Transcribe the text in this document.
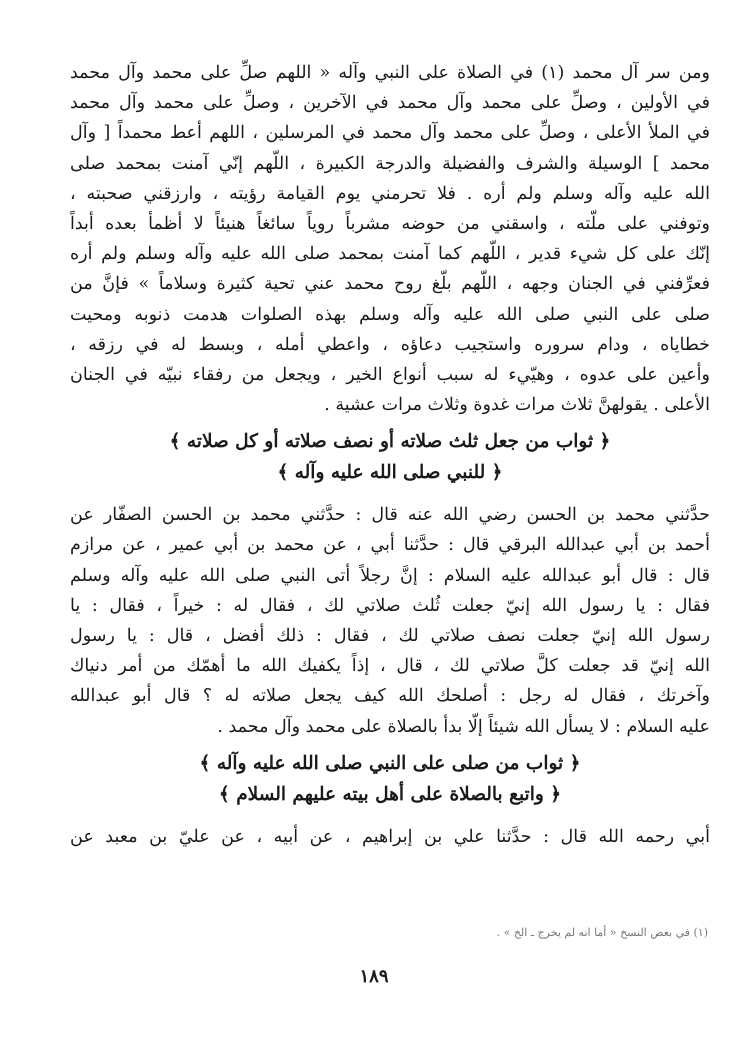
ومن سر آل محمد (١) في الصلاة على النبي وآله « اللهم صلِّ على محمد وآل محمد
في الأولين ، وصلِّ على محمد وآل محمد في الآخرين ، وصلِّ على محمد وآل محمد
في الملأ الأعلى ، وصلِّ على محمد وآل محمد في المرسلين ، اللهم أعط محمداً [ وآل
محمد ] الوسيلة والشرف والفضيلة والدرجة الكبيرة ، اللّهم إنّي آمنت بمحمد صلى
الله عليه وآله وسلم ولم أره . فلا تحرمني يوم القيامة رؤيته ، وارزقني صحبته ،
وتوفني على ملّته ، واسقني من حوضه مشرباً روياً سائغاً هنيئاً لا أظمأ بعده أبداً
إنّك على كل شيء قدير ، اللّهم كما آمنت بمحمد صلى الله عليه وآله وسلم ولم أره
فعرِّفني في الجنان وجهه ، اللّهم بلّغ روح محمد عني تحية كثيرة وسلاماً » فإنَّ من
صلى على النبي صلى الله عليه وآله وسلم بهذه الصلوات هدمت ذنوبه ومحيت
خطاياه ، ودام سروره واستجيب دعاؤه ، واعطي أمله ، وبسط له في رزقه ،
وأعين على عدوه ، وهيّيء له سبب أنواع الخير ، ويجعل من رفقاء نبيّه في الجنان
الأعلى . يقولهنَّ ثلاث مرات غدوة وثلاث مرات عشية .
﴿ ثواب من جعل ثلث صلاته أو نصف صلاته أو كل صلاته ﴾
﴿ للنبي صلى الله عليه وآله ﴾
حدَّثني محمد بن الحسن رضي الله عنه قال : حدَّثني محمد بن الحسن الصفّار عن
أحمد بن أبي عبدالله البرقي قال : حدَّثنا أبي ، عن محمد بن أبي عمير ، عن مرازم
قال : قال أبو عبدالله عليه السلام : إنَّ رجلاً أتى النبي صلى الله عليه وآله وسلم
فقال : يا رسول الله إنيّ جعلت ثُلث صلاتي لك ، فقال له : خيراً ، فقال : يا
رسول الله إنيّ جعلت نصف صلاتي لك ، فقال : ذلك أفضل ، قال : يا رسول
الله إنيّ قد جعلت كلَّ صلاتي لك ، قال ، إذاً يكفيك الله ما أهمّك من أمر دنياك
وآخرتك ، فقال له رجل : أصلحك الله كيف يجعل صلاته له ؟ قال أبو عبدالله
عليه السلام : لا يسأل الله شيئاً إلّا بدأ بالصلاة على محمد وآل محمد .
﴿ ثواب من صلى على النبي صلى الله عليه وآله ﴾
﴿ واتبع بالصلاة على أهل بيته عليهم السلام ﴾
أبي رحمه الله قال : حدَّثنا علي بن إبراهيم ، عن أبيه ، عن عليّ بن معبد عن
(١) في بعض النسخ « أما انه لم يخرج ـ الخ » .
١٨٩
